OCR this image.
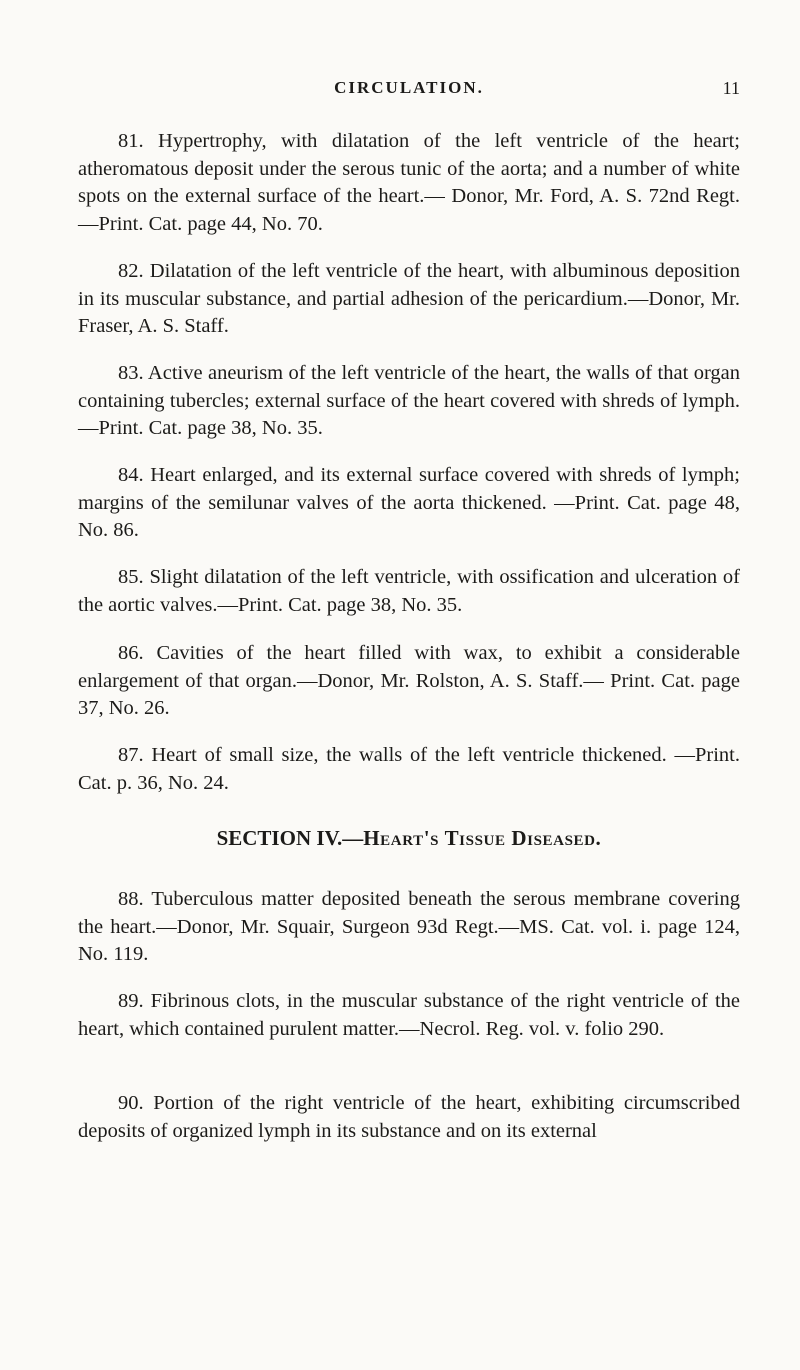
CIRCULATION.	11

81. Hypertrophy, with dilatation of the left ventricle of the heart; atheromatous deposit under the serous tunic of the aorta; and a number of white spots on the external surface of the heart.— Donor, Mr. Ford, A. S. 72nd Regt.—Print. Cat. page 44, No. 70.

82. Dilatation of the left ventricle of the heart, with albuminous deposition in its muscular substance, and partial adhesion of the pericardium.—Donor, Mr. Fraser, A. S. Staff.

83. Active aneurism of the left ventricle of the heart, the walls of that organ containing tubercles; external surface of the heart covered with shreds of lymph.—Print. Cat. page 38, No. 35.

84. Heart enlarged, and its external surface covered with shreds of lymph; margins of the semilunar valves of the aorta thickened. —Print. Cat. page 48, No. 86.

85. Slight dilatation of the left ventricle, with ossification and ulceration of the aortic valves.—Print. Cat. page 38, No. 35.

86. Cavities of the heart filled with wax, to exhibit a considerable enlargement of that organ.—Donor, Mr. Rolston, A. S. Staff.— Print. Cat. page 37, No. 26.

87. Heart of small size, the walls of the left ventricle thickened. —Print. Cat. p. 36, No. 24.

SECTION IV.—Heart's Tissue Diseased.

88. Tuberculous matter deposited beneath the serous membrane covering the heart.—Donor, Mr. Squair, Surgeon 93d Regt.—MS. Cat. vol. i. page 124, No. 119.

89. Fibrinous clots, in the muscular substance of the right ventricle of the heart, which contained purulent matter.—Necrol. Reg. vol. v. folio 290.

90. Portion of the right ventricle of the heart, exhibiting circumscribed deposits of organized lymph in its substance and on its external
